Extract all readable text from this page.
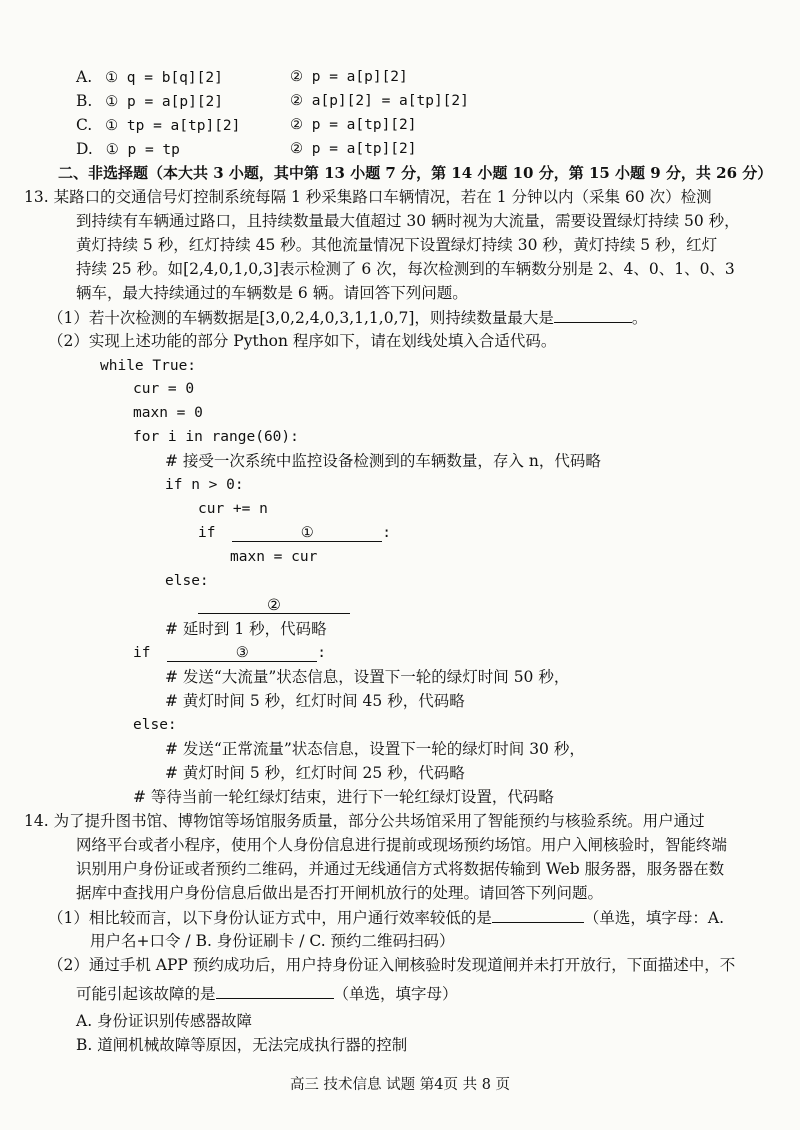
A. ① q = b[q][2]	② p = a[p][2]
B. ① p = a[p][2]	② a[p][2] = a[tp][2]
C. ① tp = a[tp][2]	② p = a[tp][2]
D. ① p = tp	② p = a[tp][2]
二、非选择题（本大共 3 小题，其中第 13 小题 7 分，第 14 小题 10 分，第 15 小题 9 分，共 26 分）
13. 某路口的交通信号灯控制系统每隔 1 秒采集路口车辆情况，若在 1 分钟以内（采集 60 次）检测
到持续有车辆通过路口，且持续数量最大值超过 30 辆时视为大流量，需要设置绿灯持续 50 秒，
黄灯持续 5 秒，红灯持续 45 秒。其他流量情况下设置绿灯持续 30 秒，黄灯持续 5 秒，红灯
持续 25 秒。如[2,4,0,1,0,3]表示检测了 6 次，每次检测到的车辆数分别是 2、4、0、1、0、3
辆车，最大持续通过的车辆数是 6 辆。请回答下列问题。
（1）若十次检测的车辆数据是[3,0,2,4,0,3,1,1,0,7]，则持续数量最大是	。
（2）实现上述功能的部分 Python 程序如下，请在划线处填入合适代码。
while True:
cur = 0
maxn = 0
for i in range(60):
# 接受一次系统中监控设备检测到的车辆数量，存入 n，代码略
if n > 0:
cur += n
if	①	:
maxn = cur
else:
②
# 延时到 1 秒，代码略
if	③	:
# 发送“大流量”状态信息，设置下一轮的绿灯时间 50 秒，
# 黄灯时间 5 秒，红灯时间 45 秒，代码略
else:
# 发送“正常流量”状态信息，设置下一轮的绿灯时间 30 秒，
# 黄灯时间 5 秒，红灯时间 25 秒，代码略
# 等待当前一轮红绿灯结束，进行下一轮红绿灯设置，代码略
14. 为了提升图书馆、博物馆等场馆服务质量，部分公共场馆采用了智能预约与核验系统。用户通过
网络平台或者小程序，使用个人身份信息进行提前或现场预约场馆。用户入闸核验时，智能终端
识别用户身份证或者预约二维码，并通过无线通信方式将数据传输到 Web 服务器，服务器在数
据库中查找用户身份信息后做出是否打开闸机放行的处理。请回答下列问题。
（1）相比较而言，以下身份认证方式中，用户通行效率较低的是	（单选，填字母：A.
用户名+口令 / B. 身份证刷卡 / C. 预约二维码扫码）
（2）通过手机 APP 预约成功后，用户持身份证入闸核验时发现道闸并未打开放行，下面描述中，不
可能引起该故障的是	（单选，填字母）
A. 身份证识别传感器故障
B. 道闸机械故障等原因，无法完成执行器的控制
高三 技术信息 试题 第4页 共 8 页
